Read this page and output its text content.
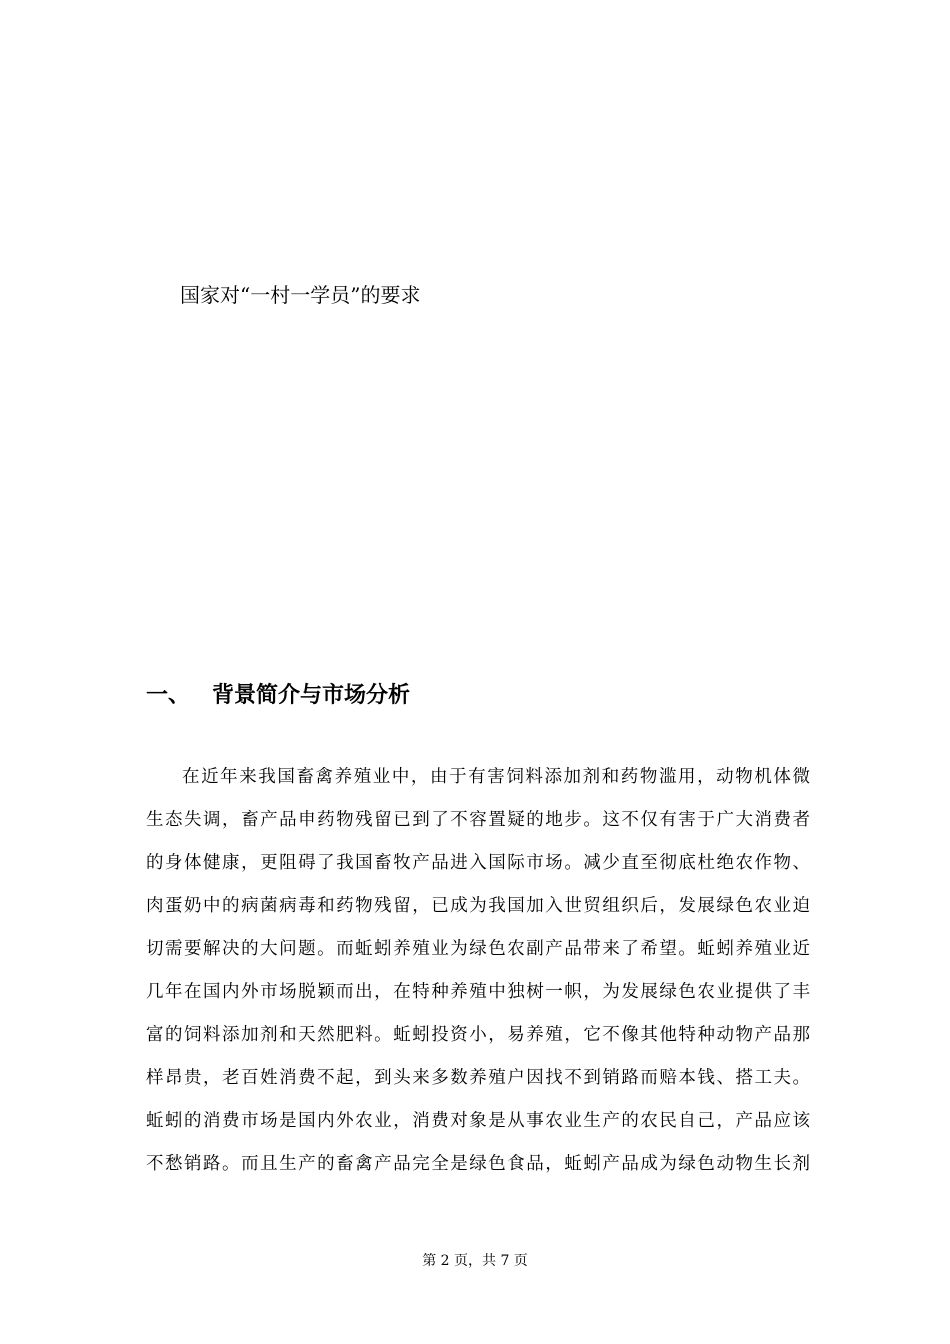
国家对“一村一学员”的要求
一、 背景简介与市场分析
在近年来我国畜禽养殖业中，由于有害饲料添加剂和药物滥用，动物机体微
生态失调，畜产品申药物残留已到了不容置疑的地步。这不仅有害于广大消费者
的身体健康，更阻碍了我国畜牧产品进入国际市场。减少直至彻底杜绝农作物、
肉蛋奶中的病菌病毒和药物残留，已成为我国加入世贸组织后，发展绿色农业迫
切需要解决的大问题。而蚯蚓养殖业为绿色农副产品带来了希望。蚯蚓养殖业近
几年在国内外市场脱颖而出，在特种养殖中独树一帜，为发展绿色农业提供了丰
富的饲料添加剂和天然肥料。蚯蚓投资小，易养殖，它不像其他特种动物产品那
样昂贵，老百姓消费不起，到头来多数养殖户因找不到销路而赔本钱、搭工夫。
蚯蚓的消费市场是国内外农业，消费对象是从事农业生产的农民自己，产品应该
不愁销路。而且生产的畜禽产品完全是绿色食品，蚯蚓产品成为绿色动物生长剂
第 2 页，共 7 页
